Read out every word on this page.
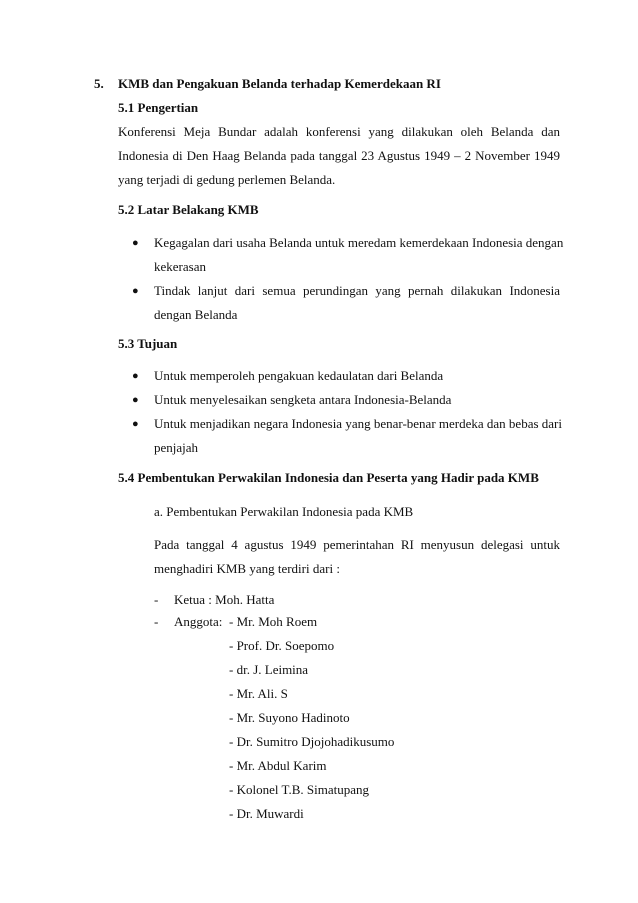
5. KMB dan Pengakuan Belanda terhadap Kemerdekaan RI
5.1 Pengertian
Konferensi Meja Bundar adalah konferensi yang dilakukan oleh Belanda dan
Indonesia di Den Haag Belanda pada tanggal 23 Agustus 1949 – 2 November 1949
yang terjadi di gedung perlemen Belanda.
5.2 Latar Belakang KMB
● Kegagalan dari usaha Belanda untuk meredam kemerdekaan Indonesia dengan
kekerasan
● Tindak lanjut dari semua perundingan yang pernah dilakukan Indonesia
dengan Belanda
5.3 Tujuan
● Untuk memperoleh pengakuan kedaulatan dari Belanda
● Untuk menyelesaikan sengketa antara Indonesia-Belanda
● Untuk menjadikan negara Indonesia yang benar-benar merdeka dan bebas dari
penjajah
5.4 Pembentukan Perwakilan Indonesia dan Peserta yang Hadir pada KMB
a. Pembentukan Perwakilan Indonesia pada KMB
Pada tanggal 4 agustus 1949 pemerintahan RI menyusun delegasi untuk
menghadiri KMB yang terdiri dari :
- Ketua : Moh. Hatta
- Anggota: - Mr. Moh Roem
- Prof. Dr. Soepomo
- dr. J. Leimina
- Mr. Ali. S
- Mr. Suyono Hadinoto
- Dr. Sumitro Djojohadikusumo
- Mr. Abdul Karim
- Kolonel T.B. Simatupang
- Dr. Muwardi
